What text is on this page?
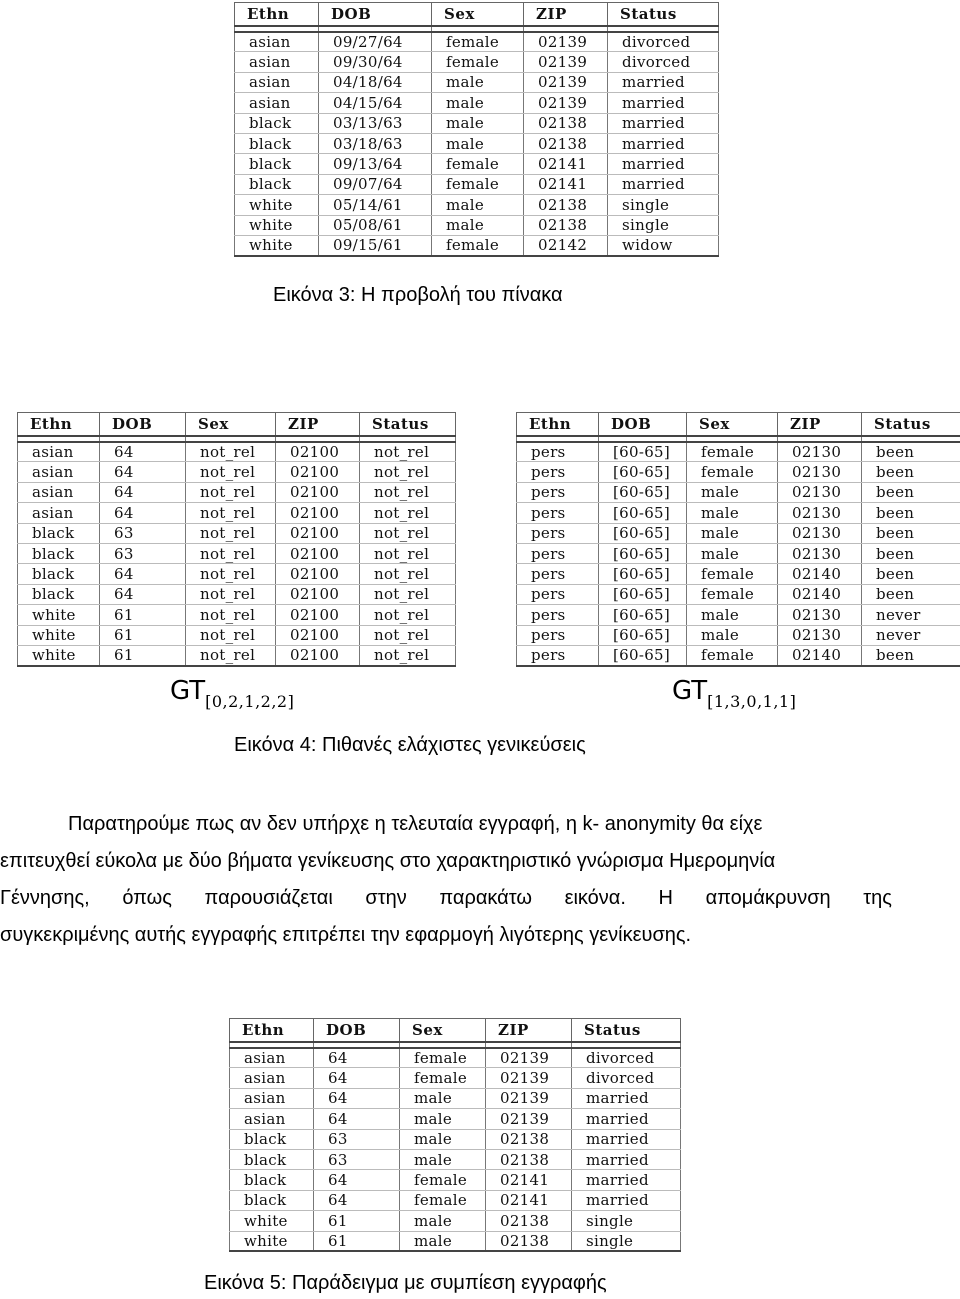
Ethn	DOB	Sex	ZIP	Status

asian	09/27/64	female	02139	divorced
asian	09/30/64	female	02139	divorced
asian	04/18/64	male	02139	married
asian	04/15/64	male	02139	married
black	03/13/63	male	02138	married
black	03/18/63	male	02138	married
black	09/13/64	female	02141	married
black	09/07/64	female	02141	married
white	05/14/61	male	02138	single
white	05/08/61	male	02138	single
white	09/15/61	female	02142	widow
Εικόνα 3: Η προβολή του πίνακα
Ethn	DOB	Sex	ZIP	Status

asian	64	not_rel	02100	not_rel
asian	64	not_rel	02100	not_rel
asian	64	not_rel	02100	not_rel
asian	64	not_rel	02100	not_rel
black	63	not_rel	02100	not_rel
black	63	not_rel	02100	not_rel
black	64	not_rel	02100	not_rel
black	64	not_rel	02100	not_rel
white	61	not_rel	02100	not_rel
white	61	not_rel	02100	not_rel
white	61	not_rel	02100	not_rel
Ethn	DOB	Sex	ZIP	Status

pers	[60-65]	female	02130	been
pers	[60-65]	female	02130	been
pers	[60-65]	male	02130	been
pers	[60-65]	male	02130	been
pers	[60-65]	male	02130	been
pers	[60-65]	male	02130	been
pers	[60-65]	female	02140	been
pers	[60-65]	female	02140	been
pers	[60-65]	male	02130	never
pers	[60-65]	male	02130	never
pers	[60-65]	female	02140	been
$GT_{[0,2,1,2,2]}$	$GT_{[1,3,0,1,1]}$
Εικόνα 4: Πιθανές ελάχιστες γενικεύσεις
Παρατηρούμε πως αν δεν υπήρχε η τελευταία εγγραφή, η k- anonymity θα είχε
επιτευχθεί εύκολα με δύο βήματα γενίκευσης στο χαρακτηριστικό γνώρισμα Ημερομηνία
Γέννησης, όπως παρουσιάζεται στην παρακάτω εικόνα. Η απομάκρυνση της
συγκεκριμένης αυτής εγγραφής επιτρέπει την εφαρμογή λιγότερης γενίκευσης.
Ethn	DOB	Sex	ZIP	Status

asian	64	female	02139	divorced
asian	64	female	02139	divorced
asian	64	male	02139	married
asian	64	male	02139	married
black	63	male	02138	married
black	63	male	02138	married
black	64	female	02141	married
black	64	female	02141	married
white	61	male	02138	single
white	61	male	02138	single
Εικόνα 5: Παράδειγμα με συμπίεση εγγραφής
